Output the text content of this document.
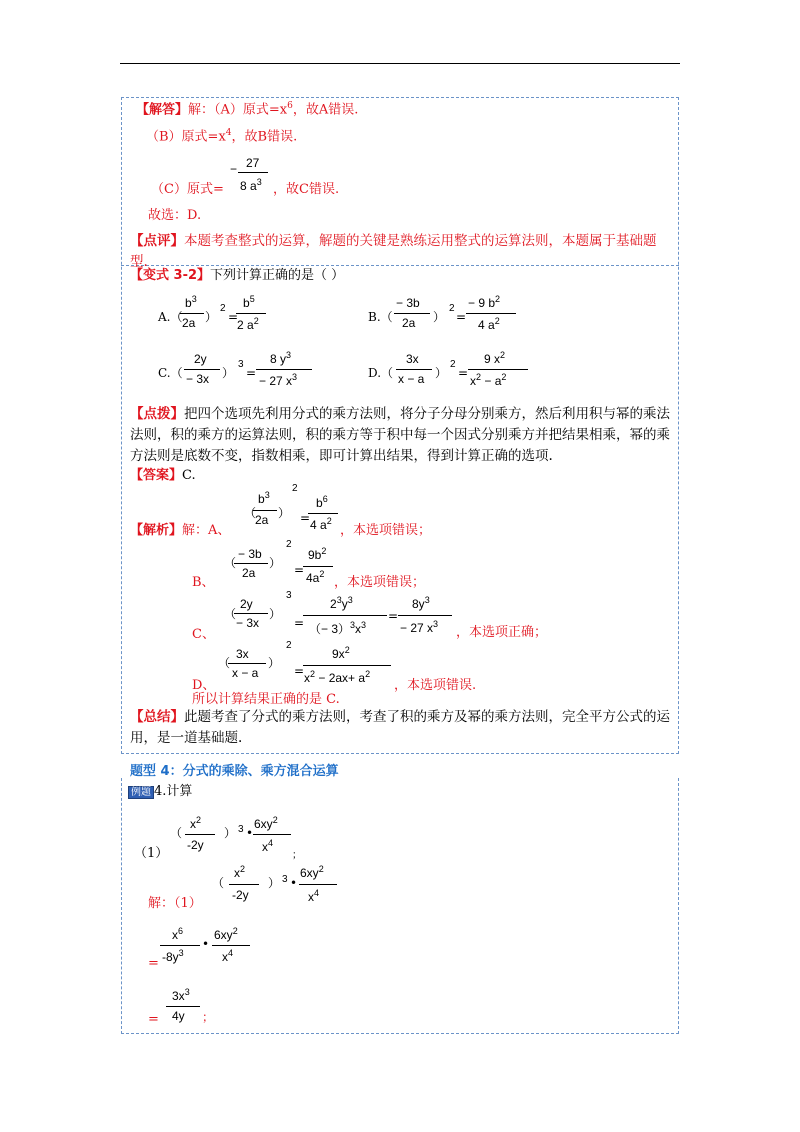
【解答】解：（A）原式$=x^6$，故A错误.
（B）原式$=x^4$，故B错误.
27
−
8 $a^3$
（C）原式=	，故C错误.
故选：D.
【点评】本题考查整式的运算，解题的关键是熟练运用整式的运算法则，本题属于基础题型.
【变式 3-2】下列计算正确的是（ ）
A.（
$b^3$
2a ）
2
=
$b^5$
2 $a^2$	B.（
− 3b
2a ）
2
=
− 9 $b^2$
4 $a^2$
C.（
2y
− 3x ）
3
=
8 $y^3$
− 27 $x^3$	D.（
3x
x − a ）
2
=
9 $x^2$
$x^2 - a^2$
【点拨】把四个选项先利用分式的乘方法则，将分子分母分别乘方，然后利用积与幂的乘法法则，积的乘方的运算法则，积的乘方等于积中每一个因式分别乘方并把结果相乘，幂的乘方法则是底数不变，指数相乘，即可计算出结果，得到计算正确的选项.
【答案】C.
（
$b^3$
2a ）
2
=
$b^6$
4 $a^2$
【解析】解：A、	，本选项错误；
（
− 3b
2a
）
2
=
$9b^2$
$4a^2$
B、	，本选项错误；
（
2y
− 3x
）
3
=
$2^3y^3$
（− $3)^3x^3$
=
$8y^3$
− 27 $x^3$
C、	，本选项正确；
（
3x
x − a
）
2
=
$9x^2$
$x^2 - 2ax+ a^2$
D、	，本选项错误.
所以计算结果正确的是 C.
【总结】此题考查了分式的乘方法则，考查了积的乘方及幂的乘方法则，完全平方公式的运用，是一道基础题.
题型 4：分式的乘除、乘方混合运算
例题 4.计算
（
$x^2$
-2y
） 3 •
$6xy^2$
$x^4$
；
（1）
（
$x^2$
-2y
） 3 •
$6xy^2$
$x^4$
解：（1）
$x^6$
$-8y^3$
•
$6xy^2$
$x^4$
=
$3x^3$
4y
=	；
